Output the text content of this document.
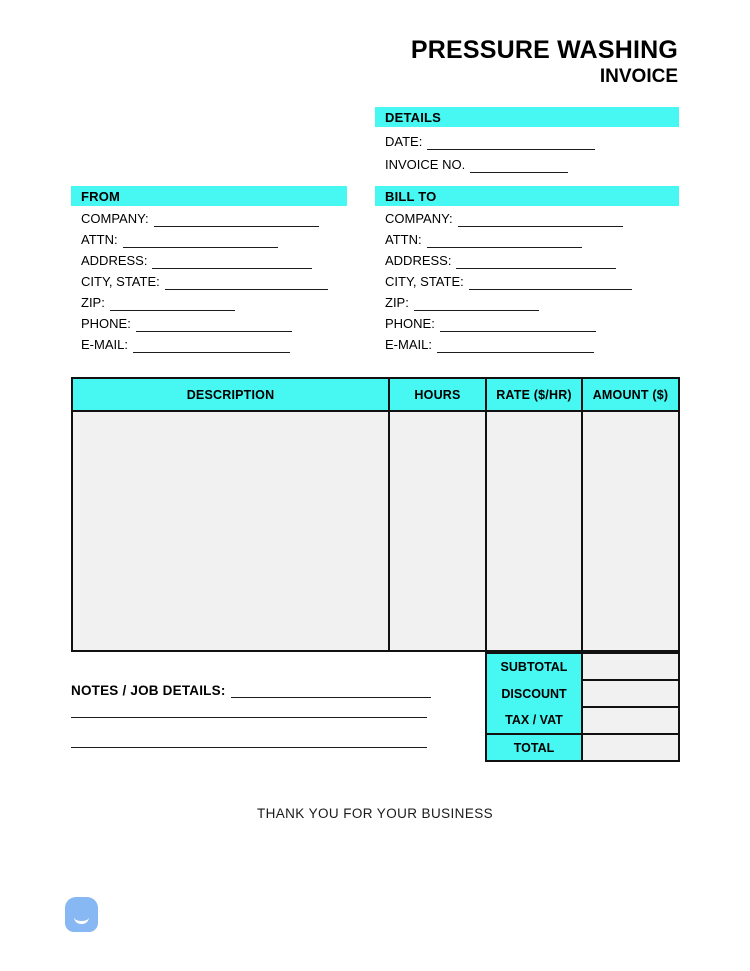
PRESSURE WASHING
INVOICE
DETAILS
DATE:
INVOICE NO.
FROM
COMPANY:
ATTN:
ADDRESS:
CITY, STATE:
ZIP:
PHONE:
E-MAIL:
BILL TO
COMPANY:
ATTN:
ADDRESS:
CITY, STATE:
ZIP:
PHONE:
E-MAIL:
DESCRIPTION	HOURS	RATE ($/HR)	AMOUNT ($)

SUBTOTAL	
DISCOUNT	
TAX / VAT	
TOTAL	
NOTES / JOB DETAILS:
THANK YOU FOR YOUR BUSINESS
